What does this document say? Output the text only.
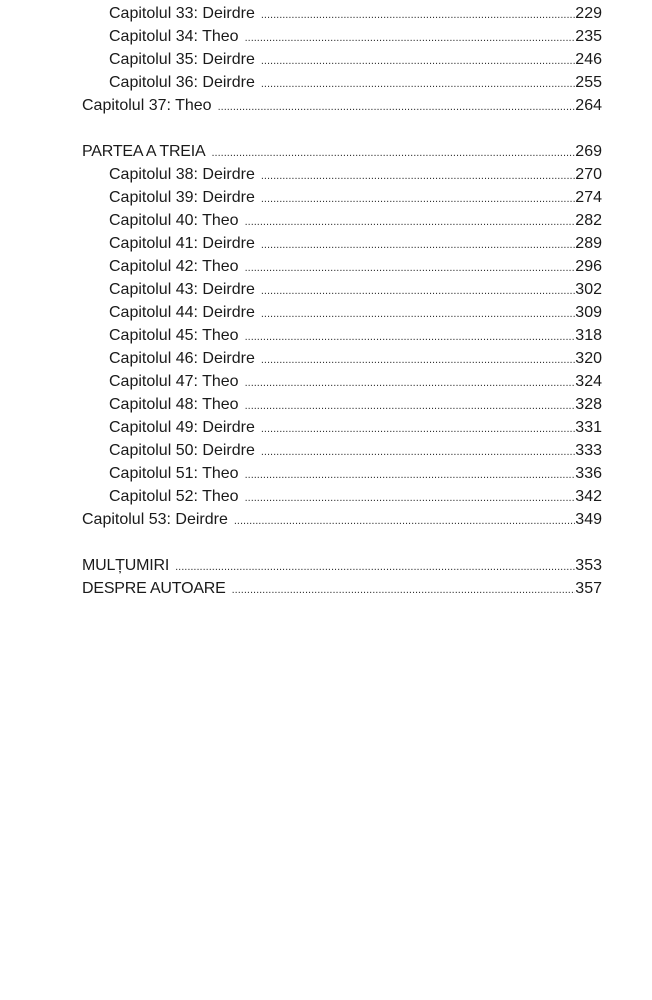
Capitolul 33: Deirdre .....	229
Capitolul 34: Theo .....	235
Capitolul 35: Deirdre .....	246
Capitolul 36: Deirdre .....	255
Capitolul 37: Theo .....	264
PARTEA A TREIA .....	269
Capitolul 38: Deirdre .....	270
Capitolul 39: Deirdre .....	274
Capitolul 40: Theo .....	282
Capitolul 41: Deirdre .....	289
Capitolul 42: Theo .....	296
Capitolul 43: Deirdre .....	302
Capitolul 44: Deirdre .....	309
Capitolul 45: Theo .....	318
Capitolul 46: Deirdre .....	320
Capitolul 47: Theo .....	324
Capitolul 48: Theo .....	328
Capitolul 49: Deirdre .....	331
Capitolul 50: Deirdre .....	333
Capitolul 51: Theo .....	336
Capitolul 52: Theo .....	342
Capitolul 53: Deirdre .....	349
MULȚUMIRI .....	353
DESPRE AUTOARE .....	357
